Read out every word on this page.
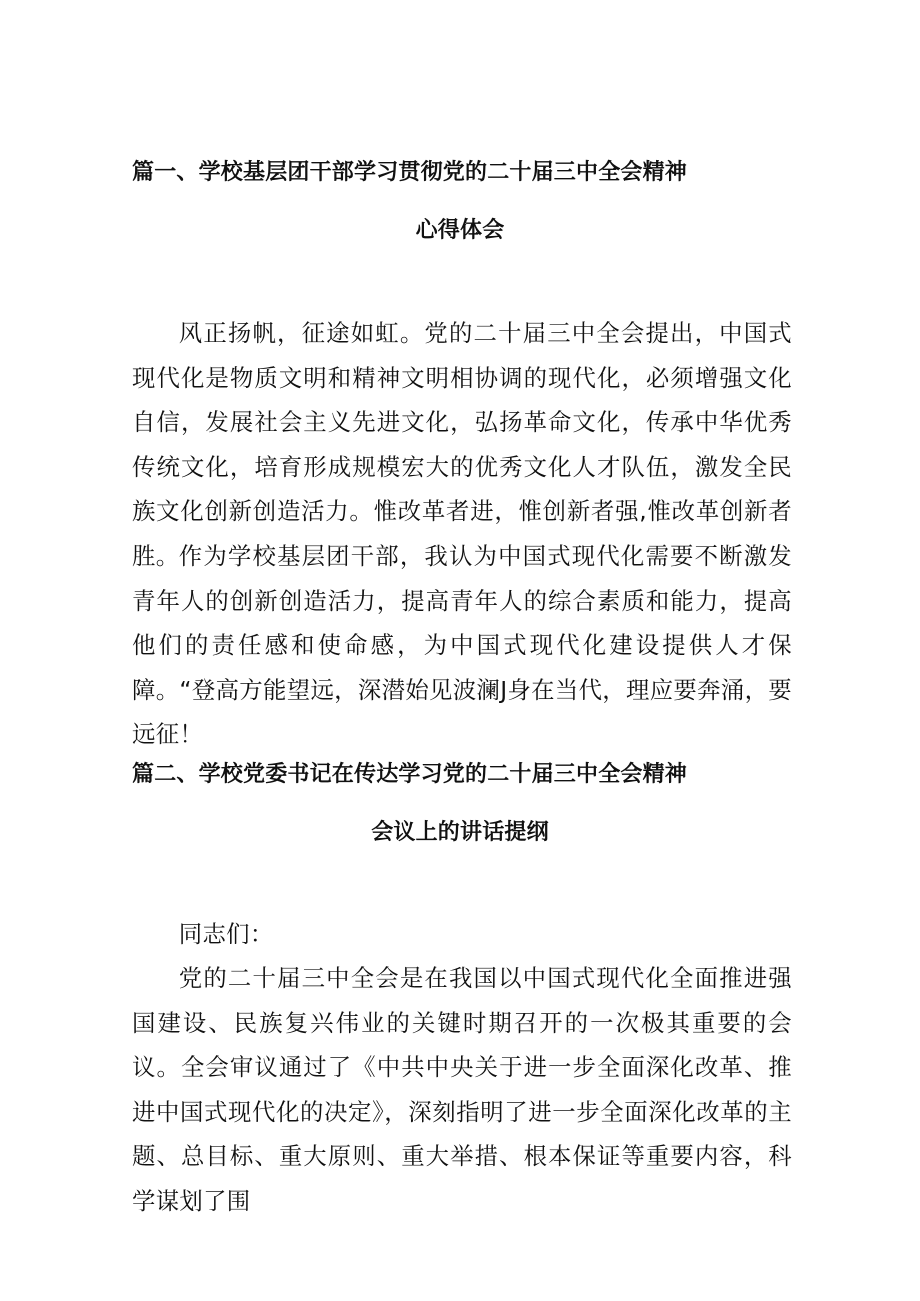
篇一、学校基层团干部学习贯彻党的二十届三中全会精神
心得体会

风正扬帆，征途如虹。党的二十届三中全会提出，中国式现代化是物质文明和精神文明相协调的现代化，必须增强文化自信，发展社会主义先进文化，弘扬革命文化，传承中华优秀传统文化，培育形成规模宏大的优秀文化人才队伍，激发全民族文化创新创造活力。惟改革者进，惟创新者强,惟改革创新者胜。 作为学校基层团干部，我认为中国式现代化需要不断激发青年人的创新创造活力，提高青年人的综合素质和能力，提高他们的责任感和使命感，为中国式现代化建设提供人才保障。“登高方能望远，深潜始见波澜J身在当代，理应要奔涌，要远征！

篇二、学校党委书记在传达学习党的二十届三中全会精神
会议上的讲话提纲

同志们：

党的二十届三中全会是在我国以中国式现代化全面推进强国建设、民族复兴伟业的关键时期召开的一次极其重要的会议。全会审议通过了《中共中央关于进一步全面深化改革、推进中国式现代化的决定》，深刻指明了进一步全面深化改革的主题、总目标、重大原则、重大举措、根本保证等重要内容，科学谋划了围
